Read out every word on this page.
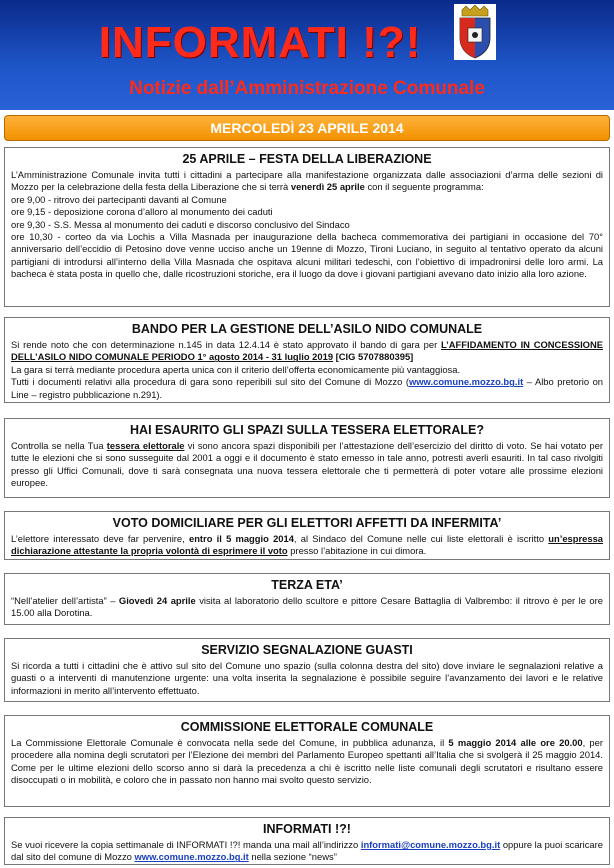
INFORMATI !?!
Notizie dall’Amministrazione Comunale
MERCOLEDÌ 23 APRILE 2014
25 APRILE – FESTA DELLA LIBERAZIONE

L’Amministrazione Comunale invita tutti i cittadini a partecipare alla manifestazione organizzata dalle associazioni d’arma delle sezioni di Mozzo per la celebrazione della festa della Liberazione che si terrà venerdì 25 aprile con il seguente programma:

ore 9,00 - ritrovo dei partecipanti davanti al Comune

ore 9,15 - deposizione corona d’alloro al monumento dei caduti

ore 9,30 - S.S. Messa al monumento dei caduti e discorso conclusivo del Sindaco

ore 10,30 - corteo da via Lochis a Villa Masnada per inaugurazione della bacheca commemorativa dei partigiani in occasione del 70° anniversario dell’eccidio di Petosino dove venne ucciso anche un 19enne di Mozzo, Tironi Luciano, in seguito al tentativo operato da alcuni partigiani di introdursi all’interno della Villa Masnada che ospitava alcuni militari tedeschi, con l’obiettivo di impadronirsi delle loro armi. La bacheca è stata posta in quello che, dalle ricostruzioni storiche, era il luogo da dove i giovani partigiani avevano dato inizio alla loro azione.

BANDO PER LA GESTIONE DELL’ASILO NIDO COMUNALE

Si rende noto che con determinazione n.145 in data 12.4.14 è stato approvato il bando di gara per L’AFFIDAMENTO IN CONCESSIONE DELL’ASILO NIDO COMUNALE PERIODO 1° agosto 2014 - 31 luglio 2019 [CIG 5707880395]

La gara si terrà mediante procedura aperta unica con il criterio dell’offerta economicamente più vantaggiosa.

Tutti i documenti relativi alla procedura di gara sono reperibili sul sito del Comune di Mozzo (www.comune.mozzo.bg.it – Albo pretorio on Line – registro pubblicazione n.291).

HAI ESAURITO GLI SPAZI SULLA TESSERA ELETTORALE?

Controlla se nella Tua tessera elettorale vi sono ancora spazi disponibili per l’attestazione dell’esercizio del diritto di voto. Se hai votato per tutte le elezioni che si sono susseguite dal 2001 a oggi e il documento è stato emesso in tale anno, potresti averli esauriti. In tal caso rivolgiti presso gli Uffici Comunali, dove ti sarà consegnata una nuova tessera elettorale che ti permetterà di poter votare alle prossime elezioni europee.

VOTO DOMICILIARE PER GLI ELETTORI AFFETTI DA INFERMITA’

L’elettore interessato deve far pervenire, entro il 5 maggio 2014, al Sindaco del Comune nelle cui liste elettorali è iscritto un’espressa dichiarazione attestante la propria volontà di esprimere il voto presso l’abitazione in cui dimora.

TERZA ETA’

“Nell’atelier dell’artista” – Giovedì 24 aprile visita al laboratorio dello scultore e pittore Cesare Battaglia di Valbrembo: il ritrovo è per le ore 15.00 alla Dorotina.

SERVIZIO SEGNALAZIONE GUASTI

Si ricorda a tutti i cittadini che è attivo sul sito del Comune uno spazio (sulla colonna destra del sito) dove inviare le segnalazioni relative a guasti o a interventi di manutenzione urgente: una volta inserita la segnalazione è possibile seguire l’avanzamento dei lavori e le relative informazioni in merito all’intervento effettuato.

COMMISSIONE ELETTORALE COMUNALE

La Commissione Elettorale Comunale è convocata nella sede del Comune, in pubblica adunanza, il 5 maggio 2014 alle ore 20.00, per procedere alla nomina degli scrutatori per l’Elezione dei membri del Parlamento Europeo spettanti all’Italia che si svolgerà il 25 maggio 2014. Come per le ultime elezioni dello scorso anno si darà la precedenza a chi è iscritto nelle liste comunali degli scrutatori e risultano essere disoccupati o in mobilità, e coloro che in passato non hanno mai svolto questo servizio.

INFORMATI !?!

Se vuoi ricevere la copia settimanale di INFORMATI !?! manda una mail all’indirizzo informati@comune.mozzo.bg.it oppure la puoi scaricare dal sito del comune di Mozzo www.comune.mozzo.bg.it nella sezione “news”
